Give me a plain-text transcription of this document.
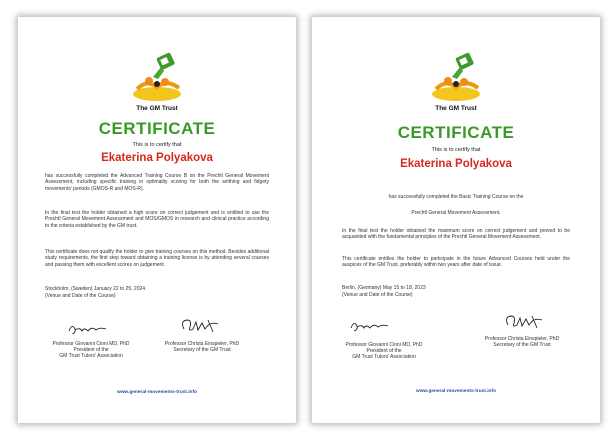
The GM Trust
CERTIFICATE
This is to certify that
Ekaterina Polyakova
has successfully completed the Advanced Training Course B on the Prechtl General Movement Assessment, including specific training in optimality scoring for both the writhing and fidgety movements' periods (GMOS-R and MOS-R).
In the final test the holder obtained a high score on correct judgement and is entitled to use the Prechtl General Movement Assessment and MOS/GMOS in research and clinical practice according to the criteria established by the GM trust.
This certificate does not qualify the holder to give training courses on this method. Besides additional study requirements, the first step toward obtaining a training license is by attending several courses and passing them with excellent scores on judgement.
Stockholm, (Sweden) January 22 to 25, 2024
(Venue and Date of the Course)
Professor Giovanni Cioni MD, PhD
President of the
GM Trust Tutors' Association
Professor Christa Einspieler, PhD
Secretary of the GM Trust
www.general-movements-trust.info
The GM Trust
CERTIFICATE
This is to certify that
Ekaterina Polyakova
has successfully completed the Basic Training Course on the
Prechtl General Movement Assessment.
In the final test the holder obtained the maximum score on correct judgement and proved to be acquainted with the fundamental principles of the Prechtl General Movement Assessment.
This certificate entitles the holder to participate in the future Advanced Courses held under the auspices of the GM Trust, preferably within two years after date of issue.
Berlin, (Germany) May 15 to 18, 2023
(Venue and Date of the Course)
Professor Giovanni Cioni MD, PhD
President of the
GM Trust Tutors' Association
Professor Christa Einspieler, PhD
Secretary of the GM Trust
www.general-movements-trust.info
